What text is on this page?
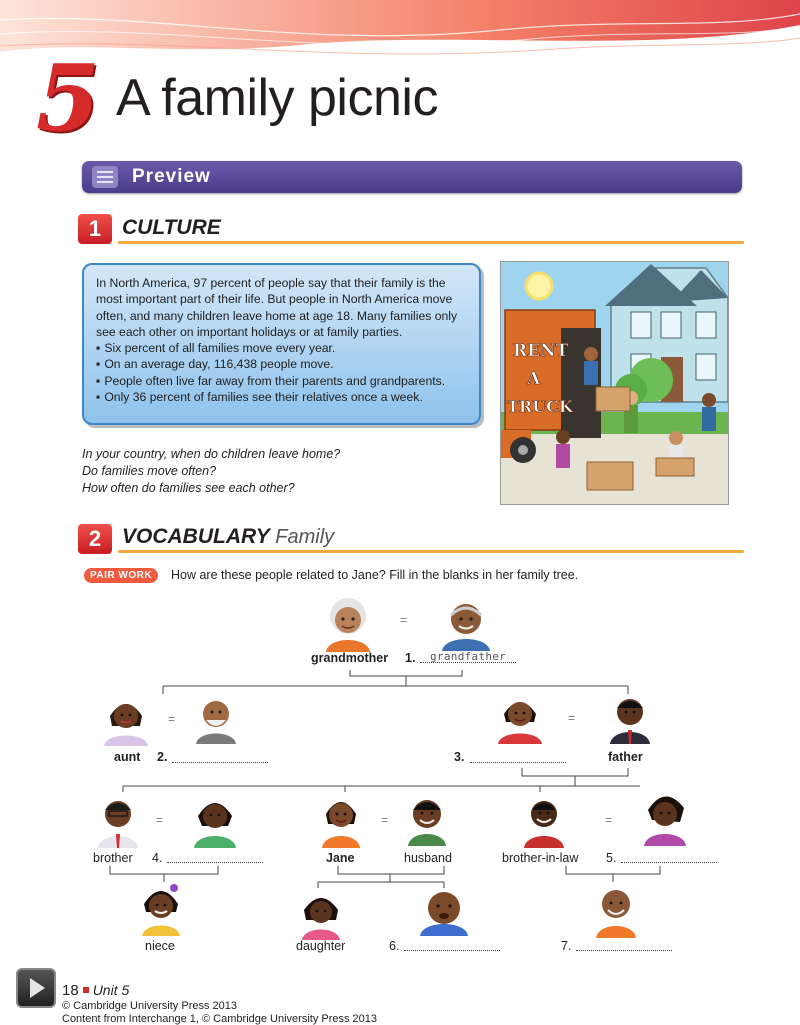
5 A family picnic
Preview
1 CULTURE
In North America, 97 percent of people say that their family is the
most important part of their life. But people in North America move
often, and many children leave home at age 18. Many families only
see each other on important holidays or at family parties.
▪ Six percent of all families move every year.
▪ On an average day, 116,438 people move.
▪ People often live far away from their parents and grandparents.
▪ Only 36 percent of families see their relatives once a week.
In your country, when do children leave home?
Do families move often?
How often do families see each other?
RENT
A
TRUCK
2 VOCABULARY Family
PAIR WORK	How are these people related to Jane? Fill in the blanks in her family tree.
=
=	=
=	=	=
grandmother 1. grandfather
aunt 2.	3.	father
brother 4.	Jane	husband	brother-in-law 5.
niece	daughter	6.	7.
18 Unit 5
© Cambridge University Press 2013
Content from Interchange 1, © Cambridge University Press 2013
